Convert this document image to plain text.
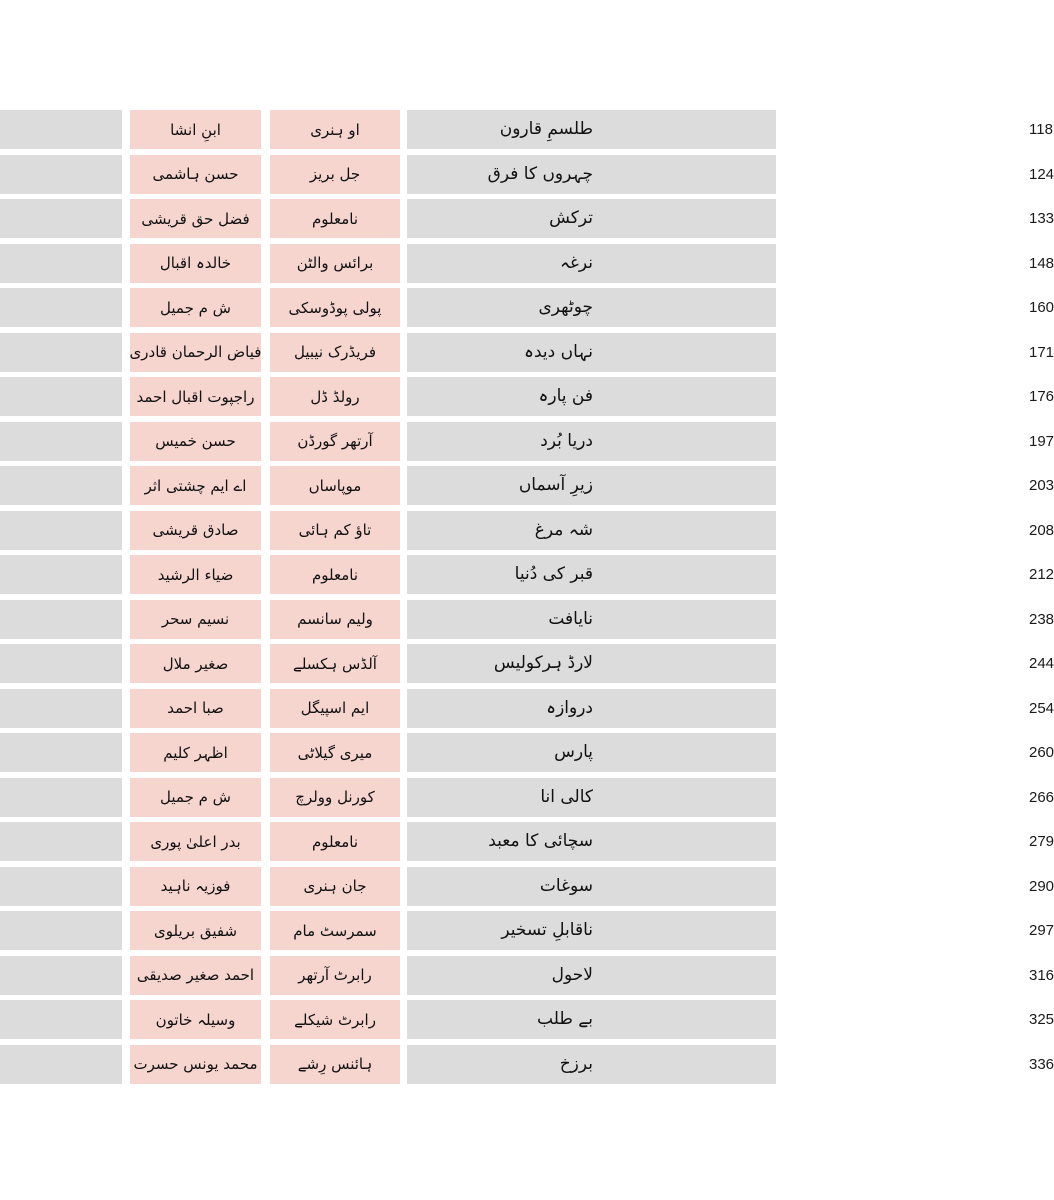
ابنِ انشا	او ہنری	طلسمِ قارون	118
حسن ہاشمی	جل بریز	چہروں کا فرق	124
فضل حق قریشی	نامعلوم	ترکش	133
خالدہ اقبال	برائس والٹن	نرغہ	148
ش م جمیل	پولی پوڈوسکی	چوٹھری	160
فیاض الرحمان قادری	فریڈرک نیبیل	نہاں دیدہ	171
راجپوت اقبال احمد	رولڈ ڈل	فن پارہ	176
حسن خمیس	آرتھر گورڈن	دریا بُرد	197
اے ایم چشتی اثر	موپاساں	زیرِ آسماں	203
صادق قریشی	تاؤ کم ہائی	شہ مرغ	208
ضیاء الرشید	نامعلوم	قبر کی دُنیا	212
نسیم سحر	ولیم سانسم	نایافت	238
صغیر ملال	آلڈس ہکسلے	لارڈ ہرکولیس	244
صبا احمد	ایم اسپیگل	دروازہ	254
اظہر کلیم	میری گیلاٹی	پارس	260
ش م جمیل	کورنل وولرچ	کالی انا	266
بدر اعلیٰ پوری	نامعلوم	سچائی کا معبد	279
فوزیہ ناہید	جان ہنری	سوغات	290
شفیق بریلوی	سمرسٹ مام	ناقابلِ تسخیر	297
احمد صغیر صدیقی	رابرٹ آرتھر	لاحول	316
وسیلہ خاتون	رابرٹ شیکلے	بے طلب	325
محمد یونس حسرت	ہائنس رِشے	برزخ	336
